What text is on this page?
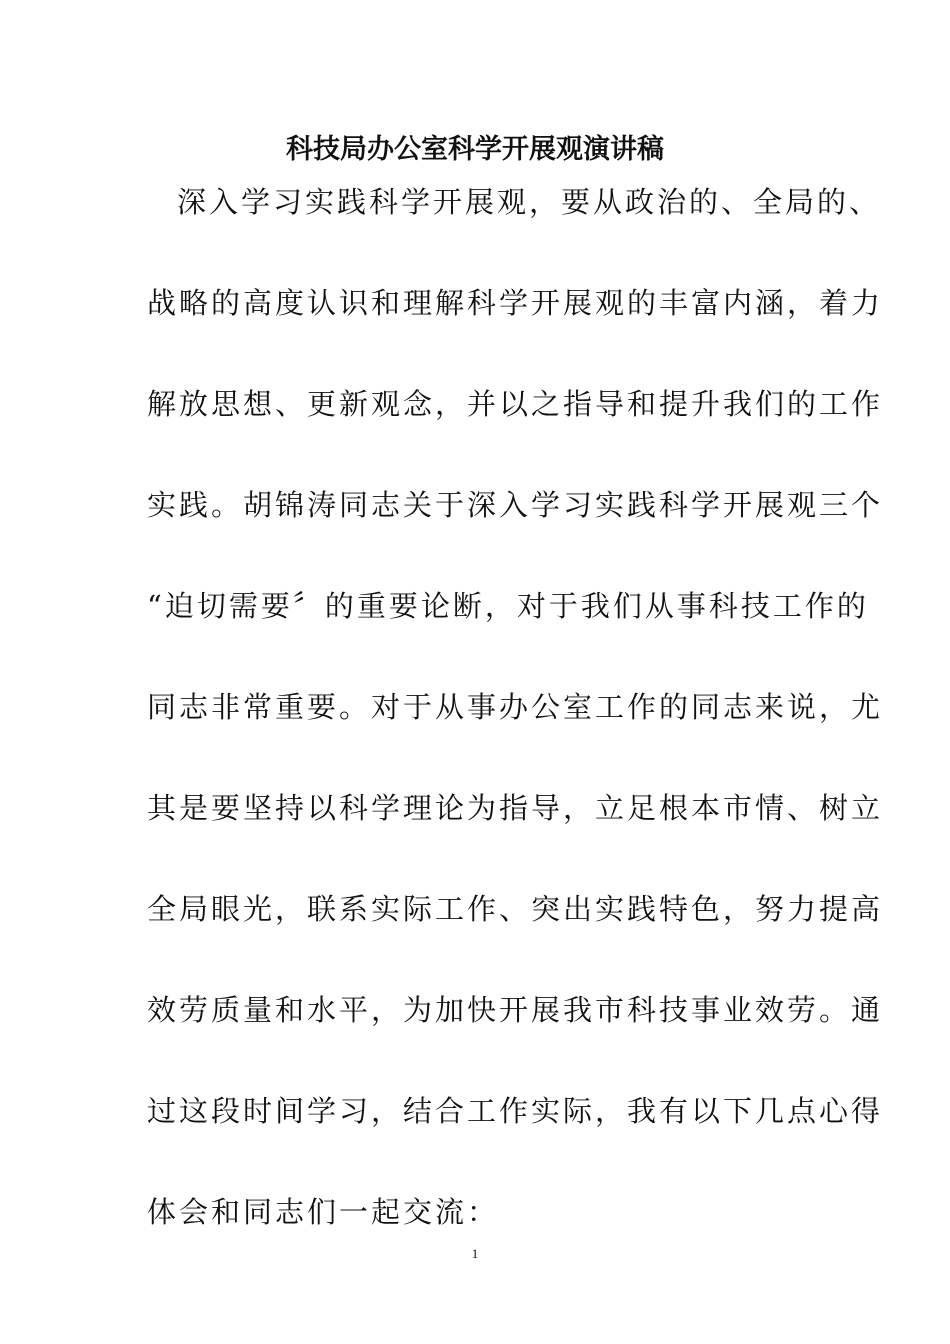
科技局办公室科学开展观演讲稿

深入学习实践科学开展观，要从政治的、全局的、

战略的高度认识和理解科学开展观的丰富内涵，着力

解放思想、更新观念，并以之指导和提升我们的工作

实践。胡锦涛同志关于深入学习实践科学开展观三个

“迫切需要〞的重要论断，对于我们从事科技工作的

同志非常重要。对于从事办公室工作的同志来说，尤

其是要坚持以科学理论为指导，立足根本市情、树立

全局眼光，联系实际工作、突出实践特色，努力提高

效劳质量和水平，为加快开展我市科技事业效劳。通

过这段时间学习，结合工作实际，我有以下几点心得

体会和同志们一起交流：

1
